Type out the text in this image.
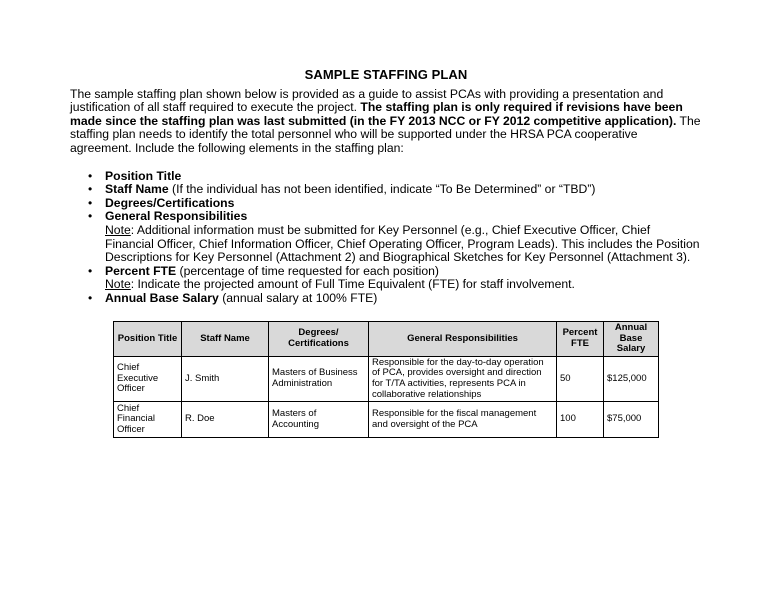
SAMPLE STAFFING PLAN

The sample staffing plan shown below is provided as a guide to assist PCAs with providing a presentation and justification of all staff required to execute the project. The staffing plan is only required if revisions have been made since the staffing plan was last submitted (in the FY 2013 NCC or FY 2012 competitive application). The staffing plan needs to identify the total personnel who will be supported under the HRSA PCA cooperative agreement. Include the following elements in the staffing plan:

• Position Title
• Staff Name (If the individual has not been identified, indicate “To Be Determined” or “TBD”)
• Degrees/Certifications
• General Responsibilities
Note: Additional information must be submitted for Key Personnel (e.g., Chief Executive Officer, Chief Financial Officer, Chief Information Officer, Chief Operating Officer, Program Leads). This includes the Position Descriptions for Key Personnel (Attachment 2) and Biographical Sketches for Key Personnel (Attachment 3).
• Percent FTE (percentage of time requested for each position)
Note: Indicate the projected amount of Full Time Equivalent (FTE) for staff involvement.
• Annual Base Salary (annual salary at 100% FTE)
Position Title	Staff Name	Degrees/ Certifications	General Responsibilities	Percent FTE	Annual Base Salary
Chief Executive Officer	J. Smith	Masters of Business Administration	Responsible for the day-to-day operation of PCA, provides oversight and direction for T/TA activities, represents PCA in collaborative relationships	50	$125,000
Chief Financial Officer	R. Doe	Masters of Accounting	Responsible for the fiscal management and oversight of the PCA	100	$75,000
